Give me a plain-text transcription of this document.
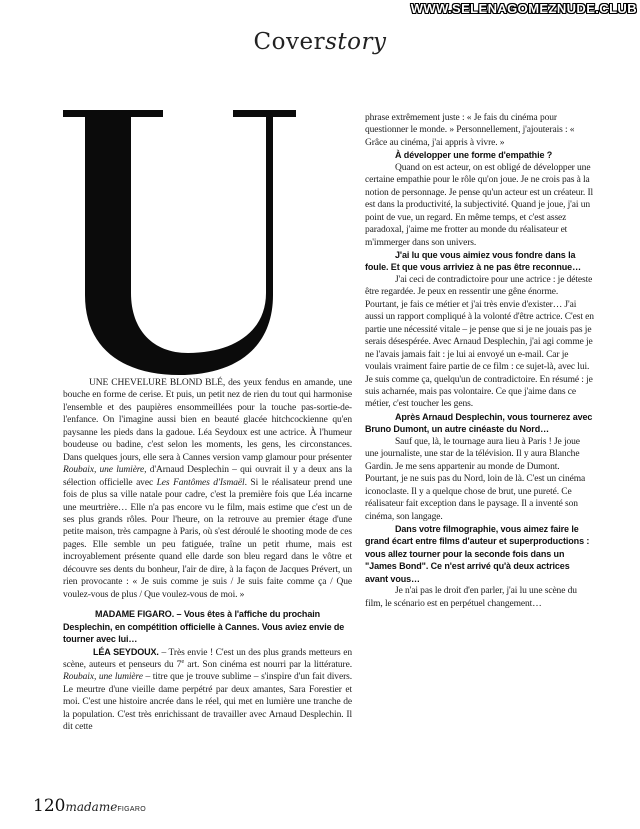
WWW.SELENAGOMEZNUDE.CLUB
Coverstory

UNE CHEVELURE BLOND BLÉ, des yeux fendus en amande, une bouche en forme de cerise. Et puis, un petit nez de rien du tout qui harmonise l'ensemble et des paupières ensommeillées pour la touche pas-sortie-de-l'enfance. On l'imagine aussi bien en beauté glacée hitchcockienne qu'en paysanne les pieds dans la gadoue. Léa Seydoux est une actrice. À l'humeur boudeuse ou badine, c'est selon les moments, les gens, les circonstances. Dans quelques jours, elle sera à Cannes version vamp glamour pour présenter Roubaix, une lumière, d'Arnaud Desplechin – qui ouvrait il y a deux ans la sélection officielle avec Les Fantômes d'Ismaël. Si le réalisateur prend une fois de plus sa ville natale pour cadre, c'est la première fois que Léa incarne une meurtrière… Elle n'a pas encore vu le film, mais estime que c'est un de ses plus grands rôles. Pour l'heure, on la retrouve au premier étage d'une petite maison, très campagne à Paris, où s'est déroulé le shooting mode de ces pages. Elle semble un peu fatiguée, traîne un petit rhume, mais est incroyablement présente quand elle darde son bleu regard dans le vôtre et découvre ses dents du bonheur, l'air de dire, à la façon de Jacques Prévert, un rien provocante : « Je suis comme je suis / Je suis faite comme ça / Que voulez-vous de plus / Que voulez-vous de moi. »

MADAME FIGARO. – Vous êtes à l'affiche du prochain Desplechin, en compétition officielle à Cannes. Vous aviez envie de tourner avec lui…

LÉA SEYDOUX. – Très envie ! C'est un des plus grands metteurs en scène, auteurs et penseurs du 7e art. Son cinéma est nourri par la littérature. Roubaix, une lumière – titre que je trouve sublime – s'inspire d'un fait divers. Le meurtre d'une vieille dame perpétré par deux amantes, Sara Forestier et moi. C'est une histoire ancrée dans le réel, qui met en lumière une tranche de la population. C'est très enrichissant de travailler avec Arnaud Desplechin. Il dit cette

phrase extrêmement juste : « Je fais du cinéma pour questionner le monde. » Personnellement, j'ajouterais : « Grâce au cinéma, j'ai appris à vivre. »

À développer une forme d'empathie ?

Quand on est acteur, on est obligé de développer une certaine empathie pour le rôle qu'on joue. Je ne crois pas à la notion de personnage. Je pense qu'un acteur est un créateur. Il est dans la productivité, la subjectivité. Quand je joue, j'ai un point de vue, un regard. En même temps, et c'est assez paradoxal, j'aime me frotter au monde du réalisateur et m'immerger dans son univers.

J'ai lu que vous aimiez vous fondre dans la foule. Et que vous arriviez à ne pas être reconnue…

J'ai ceci de contradictoire pour une actrice : je déteste être regardée. Je peux en ressentir une gêne énorme. Pourtant, je fais ce métier et j'ai très envie d'exister… J'ai aussi un rapport compliqué à la volonté d'être actrice. C'est en partie une nécessité vitale – je pense que si je ne jouais pas je serais désespérée. Avec Arnaud Desplechin, j'ai agi comme je ne l'avais jamais fait : je lui ai envoyé un e-mail. Car je voulais vraiment faire partie de ce film : ce sujet-là, avec lui. Je suis comme ça, quelqu'un de contradictoire. En résumé : je suis acharnée, mais pas volontaire. Ce que j'aime dans ce métier, c'est toucher les gens.

Après Arnaud Desplechin, vous tournerez avec Bruno Dumont, un autre cinéaste du Nord…

Sauf que, là, le tournage aura lieu à Paris ! Je joue une journaliste, une star de la télévision. Il y aura Blanche Gardin. Je me sens appartenir au monde de Dumont. Pourtant, je ne suis pas du Nord, loin de là. C'est un cinéma iconoclaste. Il y a quelque chose de brut, une pureté. Ce réalisateur fait exception dans le paysage. Il a inventé son cinéma, son langage.

Dans votre filmographie, vous aimez faire le grand écart entre films d'auteur et superproductions : vous allez tourner pour la seconde fois dans un "James Bond". Ce n'est arrivé qu'à deux actrices avant vous…

Je n'ai pas le droit d'en parler, j'ai lu une scène du film, le scénario est en perpétuel changement…

120madameFIGARO
